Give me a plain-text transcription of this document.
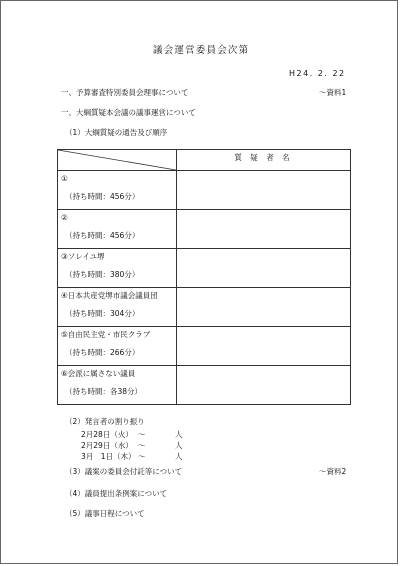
議会運営委員会次第
H24. 2. 22
一、予算審査特別委員会理事について	〜資料1
一、大綱質疑本会議の議事運営について
（1）大綱質疑の通告及び順序
	質 疑 者 名

①
（持ち時間：456分）	

②
（持ち時間：456分）	

③ソレイユ堺
（持ち時間：380分）	

④日本共産党堺市議会議員団
（持ち時間：304分）	

⑤自由民主党・市民クラブ
（持ち時間：266分）	

⑥会派に属さない議員
（持ち時間：各38分）	

（2）発言者の割り振り
2月28日（火） 〜	人
2月29日（水） 〜	人
3月　1日（木） 〜	人
（3）議案の委員会付託等について	〜資料2
（4）議員提出条例案について
（5）議事日程について
